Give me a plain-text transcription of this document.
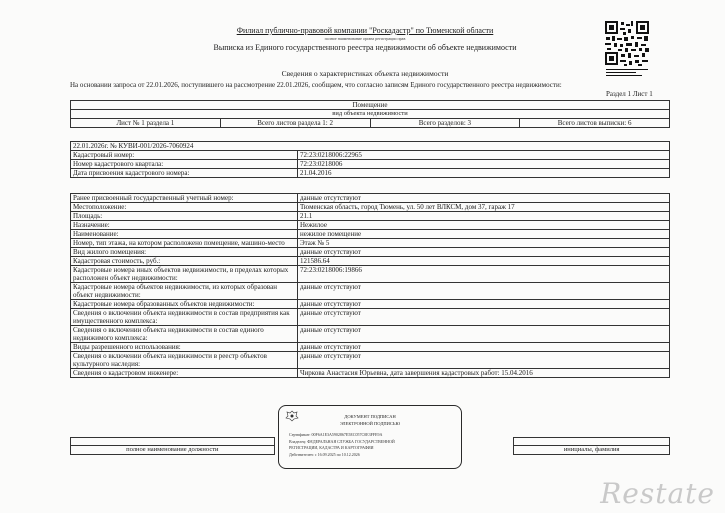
Филиал публично-правовой компании "Роскадастр" по Тюменской области
полное наименование органа регистрации прав
Выписка из Единого государственного реестра недвижимости об объекте недвижимости
Сведения о характеристиках объекта недвижимости
На основании запроса от 22.01.2026, поступившего на рассмотрение 22.01.2026, сообщаем, что согласно записям Единого государственного реестра недвижимости:
Раздел 1 Лист 1
Помещение
вид объекта недвижимости
Лист № 1 раздела 1	Всего листов раздела 1: 2	Всего разделов: 3	Всего листов выписки: 6
22.01.2026г. № КУВИ-001/2026-7060924	
Кадастровый номер:	72:23:0218006:22965
Номер кадастрового квартала:	72:23:0218006
Дата присвоения кадастрового номера:	21.04.2016
Ранее присвоенный государственный учетный номер:	данные отсутствуют
Местоположение:	Тюменская область, город Тюмень, ул. 50 лет ВЛКСМ, дом 37, гараж 17
Площадь:	21.1
Назначение:	Нежилое
Наименование:	нежилое помещение
Номер, тип этажа, на котором расположено помещение, машино-место	Этаж № 5
Вид жилого помещения:	данные отсутствуют
Кадастровая стоимость, руб.:	121586.64
Кадастровые номера иных объектов недвижимости, в пределах которых расположен объект недвижимости:	72:23:0218006:19866
Кадастровые номера объектов недвижимости, из которых образован объект недвижимости:	данные отсутствуют
Кадастровые номера образованных объектов недвижимости:	данные отсутствуют
Сведения о включении объекта недвижимости в состав предприятия как имущественного комплекса:	данные отсутствуют
Сведения о включении объекта недвижимости в состав единого недвижимого комплекса:	данные отсутствуют
Виды разрешенного использования:	данные отсутствуют
Сведения о включении объекта недвижимости в реестр объектов культурного наследия:	данные отсутствуют
Сведения о кадастровом инженере:	Чиркова Анастасия Юрьевна, дата завершения кадастровых работ: 15.04.2016

полное наименование должности		инициалы, фамилия
ДОКУМЕНТ ПОДПИСАН
ЭЛЕКТРОННОЙ ПОДПИСЬЮ
Сертификат: 00F6A1E3A5902867E5EC057C0E3FFE9A
Владелец: ФЕДЕРАЛЬНАЯ СЛУЖБА ГОСУДАРСТВЕННОЙ
РЕГИСТРАЦИИ, КАДАСТРА И КАРТОГРАФИИ
Действителен: с 16.09.2025 по 10.12.2026
Restate
